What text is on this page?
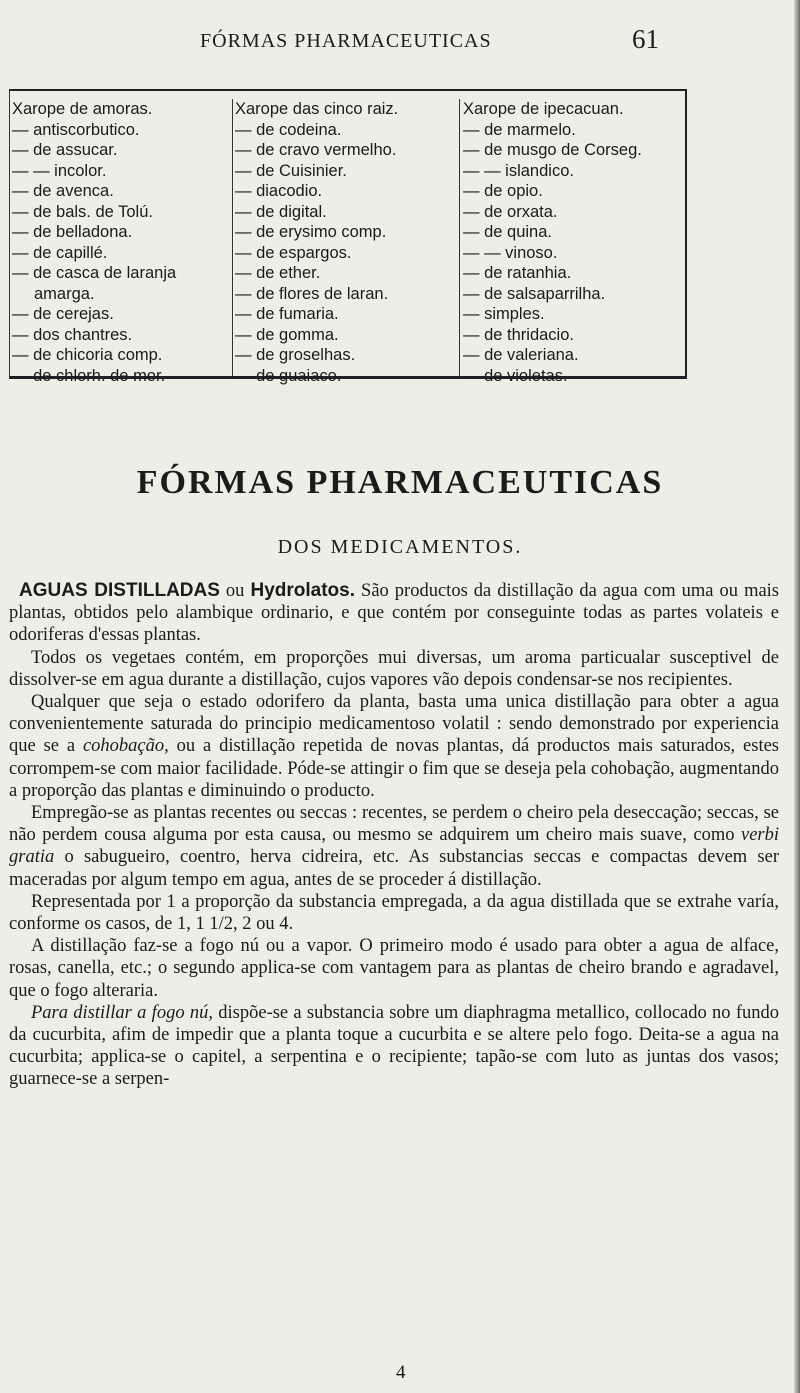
FÓRMAS PHARMACEUTICAS	61
Xarope de amoras.
— antiscorbutico.
— de assucar.
— — incolor.
— de avenca.
— de bals. de Tolú.
— de belladona.
— de capillé.
— de casca de laranja
amarga.
— de cerejas.
— dos chantres.
— de chicoria comp.
— de chlorh. de mor.
Xarope das cinco raiz.
— de codeina.
— de cravo vermelho.
— de Cuisinier.
— diacodio.
— de digital.
— de erysimo comp.
— de espargos.
— de ether.
— de flores de laran.
— de fumaria.
— de gomma.
— de groselhas.
— de guaiaco.
Xarope de ipecacuan.
— de marmelo.
— de musgo de Corseg.
— — islandico.
— de opio.
— de orxata.
— de quina.
— — vinoso.
— de ratanhia.
— de salsaparrilha.
— simples.
— de thridacio.
— de valeriana.
— de violetas.
FÓRMAS PHARMACEUTICAS
DOS MEDICAMENTOS.

AGUAS DISTILLADAS ou Hydrolatos. São productos da distillação da agua com uma ou mais plantas, obtidos pelo alambique ordinario, e que contém por conseguinte todas as partes volateis e odoriferas d'essas plantas.

Todos os vegetaes contém, em proporções mui diversas, um aroma particualar susceptivel de dissolver-se em agua durante a distillação, cujos vapores vão depois condensar-se nos recipientes.

Qualquer que seja o estado odorifero da planta, basta uma unica distillação para obter a agua convenientemente saturada do principio medicamentoso volatil : sendo demonstrado por experiencia que se a cohobação, ou a distillação repetida de novas plantas, dá productos mais saturados, estes corrompem-se com maior facilidade. Póde-se attingir o fim que se deseja pela cohobação, augmentando a proporção das plantas e diminuindo o producto.

Empregão-se as plantas recentes ou seccas : recentes, se perdem o cheiro pela deseccação; seccas, se não perdem cousa alguma por esta causa, ou mesmo se adquirem um cheiro mais suave, como verbi gratia o sabugueiro, coentro, herva cidreira, etc. As substancias seccas e compactas devem ser maceradas por algum tempo em agua, antes de se proceder á distillação.

Representada por 1 a proporção da substancia empregada, a da agua distillada que se extrahe varía, conforme os casos, de 1, 1 1/2, 2 ou 4.

A distillação faz-se a fogo nú ou a vapor. O primeiro modo é usado para obter a agua de alface, rosas, canella, etc.; o segundo applica-se com vantagem para as plantas de cheiro brando e agradavel, que o fogo alteraria.

Para distillar a fogo nú, dispõe-se a substancia sobre um diaphragma metallico, collocado no fundo da cucurbita, afim de impedir que a planta toque a cucurbita e se altere pelo fogo. Deita-se a agua na cucurbita; applica-se o capitel, a serpentina e o recipiente; tapão-se com luto as juntas dos vasos; guarnece-se a serpen-

4
